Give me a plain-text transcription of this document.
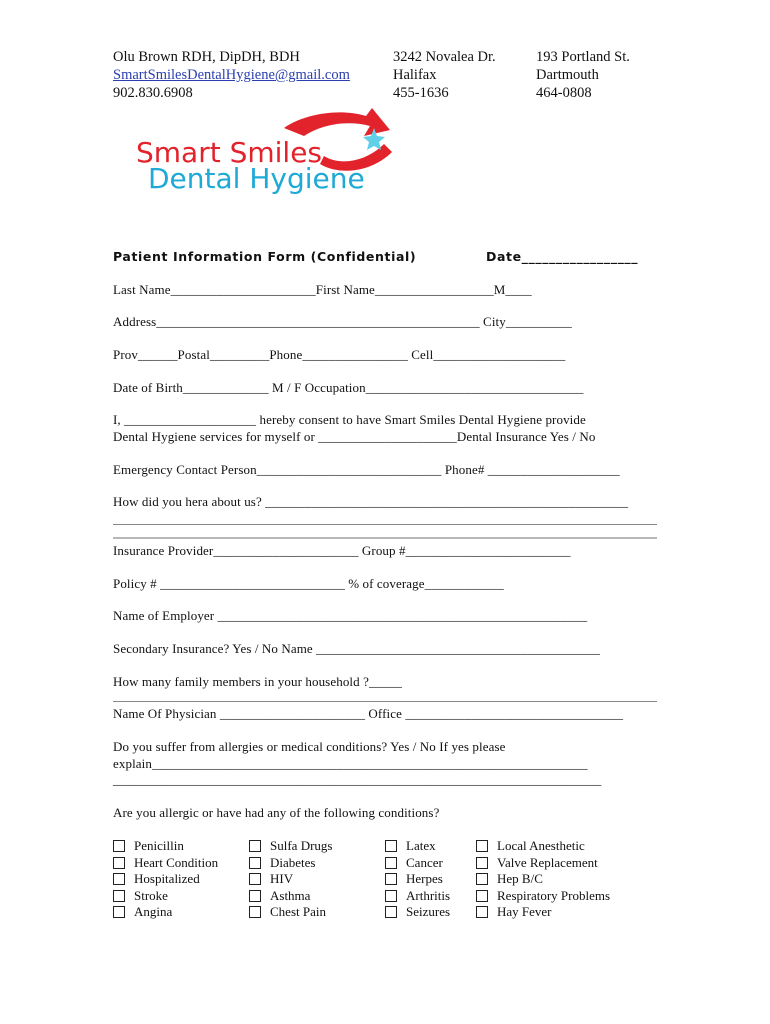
Olu Brown RDH, DipDH, BDH
SmartSmilesDentalHygiene@gmail.com
902.830.6908
3242 Novalea Dr.
Halifax
455-1636
193 Portland St.
Dartmouth
464-0808
Smart Smiles
Dental Hygiene
Patient Information Form (Confidential)	Date_________________
Last Name______________________First Name__________________M____
Address_________________________________________________ City__________
Prov______Postal_________Phone________________ Cell____________________
Date of Birth_____________ M / F Occupation_________________________________
I, ____________________ hereby consent to have Smart Smiles Dental Hygiene provide
Dental Hygiene services for myself or _____________________Dental Insurance Yes / No
Emergency Contact Person____________________________ Phone# ____________________
How did you hera about us? _______________________________________________________
Insurance Provider______________________ Group #_________________________
Policy # ____________________________ % of coverage____________
Name of Employer ________________________________________________________
Secondary Insurance? Yes / No Name ___________________________________________
How many family members in your household ?_____
Name Of Physician ______________________ Office _________________________________
Do you suffer from allergies or medical conditions? Yes / No If yes please
explain__________________________________________________________________
__________________________________________________________________________
Are you allergic or have had any of the following conditions?
Penicillin
Heart Condition
Hospitalized
Stroke
Angina
Sulfa Drugs
Diabetes
HIV
Asthma
Chest Pain
Latex
Cancer
Herpes
Arthritis
Seizures
Local Anesthetic
Valve Replacement
Hep B/C
Respiratory Problems
Hay Fever
